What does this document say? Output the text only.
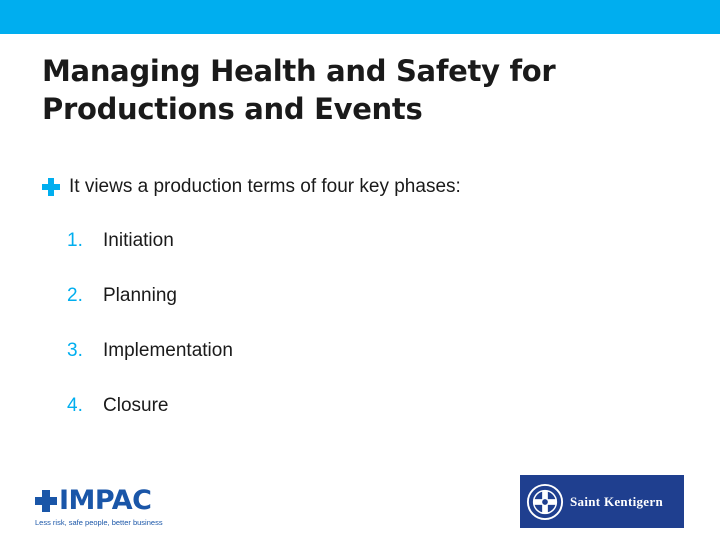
Managing Health and Safety for
Productions and Events
It views a production terms of four key phases:
1.	Initiation
2.	Planning
3.	Implementation
4.	Closure
IMPAC
Less risk, safe people, better business
Saint Kentigern
